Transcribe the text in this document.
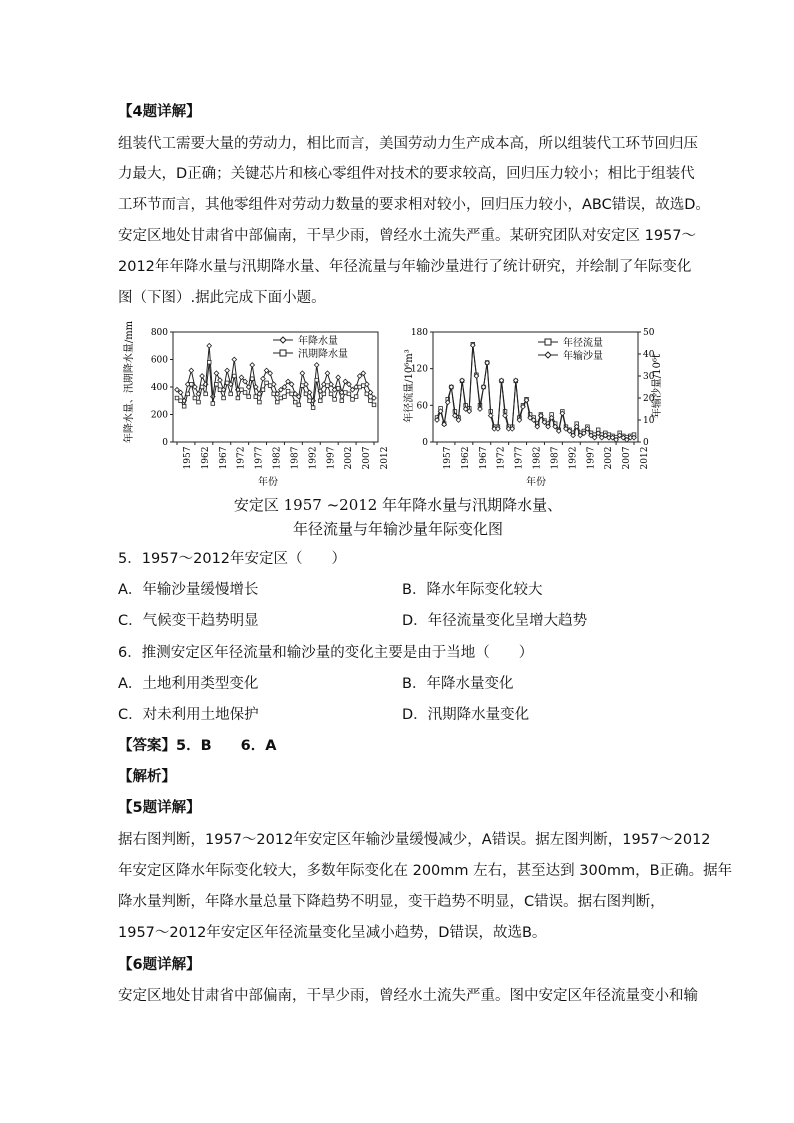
【4题详解】
组装代工需要大量的劳动力，相比而言，美国劳动力生产成本高，所以组装代工环节回归压
力最大，D正确；关键芯片和核心零组件对技术的要求较高，回归压力较小；相比于组装代
工环节而言，其他零组件对劳动力数量的要求相对较小，回归压力较小，ABC错误，故选D。
安定区地处甘肃省中部偏南，干旱少雨，曾经水土流失严重。某研究团队对安定区 1957～
2012年年降水量与汛期降水量、年径流量与年输沙量进行了统计研究，并绘制了年际变化
图（下图）.据此完成下面小题。
年降水量、汛期降水量/mm	0
200
400
600
800
1957 1962 1967 1972 1977 1982 1987 1992 1997 2002 2007 2012
年份
年降水量
汛期降水量	年径流量/10⁶m³	年输沙量/10⁶t
0
60
120
180
0
10
20
30
40
50
1957 1962 1967 1972 1977 1982 1987 1992 1997 2002 2007 2012
年份
年径流量
年输沙量
安定区 1957 ~2012 年年降水量与汛期降水量、
年径流量与年输沙量年际变化图
5．1957～2012年安定区（　　）
A．年输沙量缓慢增长	B．降水年际变化较大
C．气候变干趋势明显	D．年径流量变化呈增大趋势
6．推测安定区年径流量和输沙量的变化主要是由于当地（　　）
A．土地利用类型变化	B．年降水量变化
C．对未利用土地保护	D．汛期降水量变化
【答案】5．B　　6．A
【解析】
【5题详解】
据右图判断，1957～2012年安定区年输沙量缓慢减少，A错误。据左图判断，1957～2012
年安定区降水年际变化较大，多数年际变化在 200mm 左右，甚至达到 300mm，B正确。据年
降水量判断，年降水量总量下降趋势不明显，变干趋势不明显，C错误。据右图判断，
1957～2012年安定区年径流量变化呈减小趋势，D错误，故选B。
【6题详解】
安定区地处甘肃省中部偏南，干旱少雨，曾经水土流失严重。图中安定区年径流量变小和输
